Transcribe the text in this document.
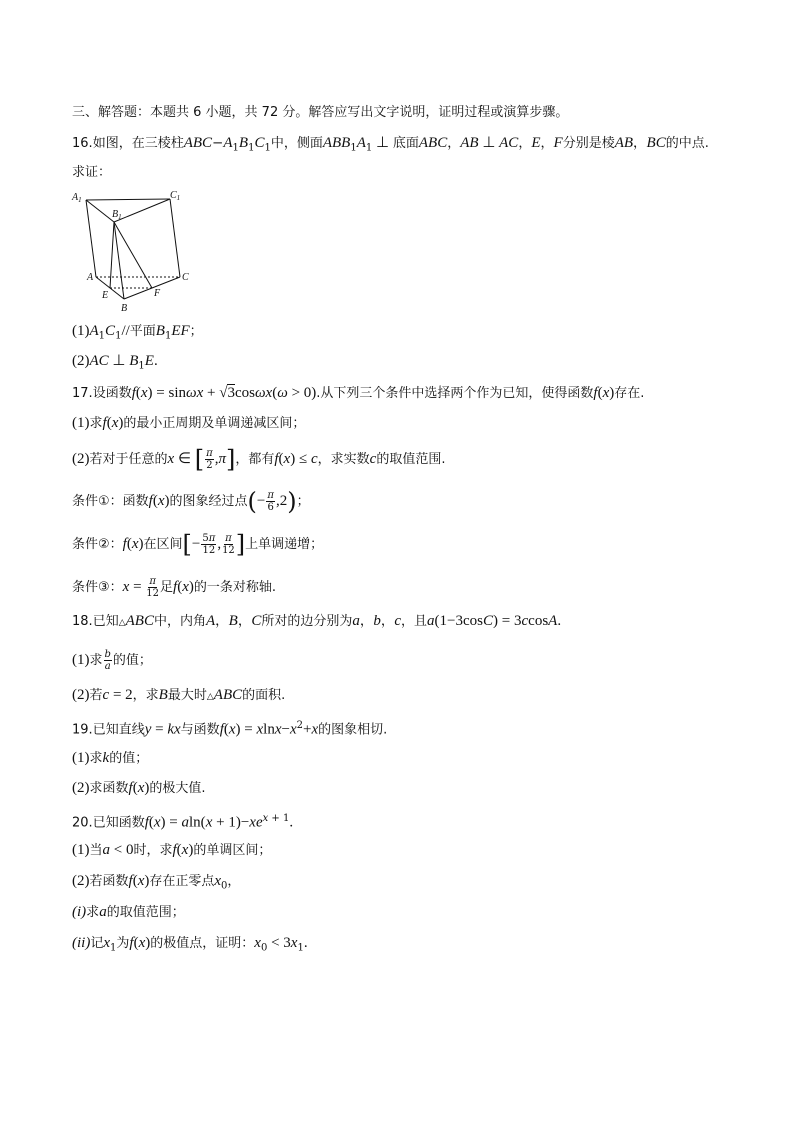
三、解答题：本题共 6 小题，共 72 分。解答应写出文字说明，证明过程或演算步骤。
16.如图，在三棱柱$ABC-A_1B_1C_1$中，侧面$ABB_1A_1$ ⊥ 底面ABC，AB ⊥ AC，E，F分别是棱AB，BC的中点.
求证：
$A_1$
$B_1$
$C_1$
A	C
E	F
B
$(1)A_1C_1//$平面$B_1EF$；
(2)AC ⊥ $B_1E$.
17.设函数f(x) = sinωx + √3cosωx(ω > 0).从下列三个条件中选择两个作为已知，使得函数f(x)存在.
(1)求f(x)的最小正周期及单调递减区间；
(2)若对于任意的x ∈ [ $\frac{\pi}{2} ,\pi$]，都有f(x) ≤ c，求实数c的取值范围.
条件①：函数f(x)的图象经过点(− $\frac{\pi}{6} ,2$)；
条件②：f(x)在区间[− $\frac{5\pi}{12}$ , $\frac{\pi}{12}$ ]上单调递增；
条件③：$x = \frac{\pi}{12}$ 足f(x)的一条对称轴.
18.已知△ABC中，内角A，B，C所对的边分别为a，b，c，且a(1−3cosC) = 3ccosA.
(1)求 $\frac{b}{a}$ 的值；
(2)若c = 2，求B最大时△ABC的面积.
19.已知直线y = kx与函数$f(x) = xlnx-x^2+x$的图象相切.
(1)求k的值；
(2)求函数f(x)的极大值.
20.已知函数$f(x) = aln(x + 1)-xe^{x + 1}$.
(1)当a < 0时，求f(x)的单调区间；
(2)若函数f(x)存在正零点$x_0$，
(i)求a的取值范围；
(ii)记$x_1$为f(x)的极值点，证明：$x_0 < 3x_1$.
